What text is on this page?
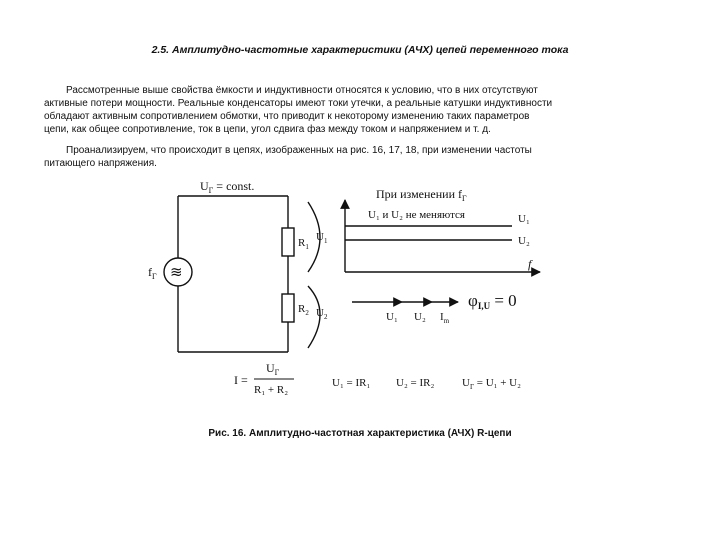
2.5. Амплитудно-частотные характеристики (АЧХ) цепей переменного тока
Рассмотренные выше свойства ёмкости и индуктивности относятся к условию, что в них отсутствуют
активные потери мощности. Реальные конденсаторы имеют токи утечки, а реальные катушки индуктивности
обладают активным сопротивлением обмотки, что приводит к некоторому изменению таких параметров
цепи, как общее сопротивление, ток в цепи, угол сдвига фаз между током и напряжением и т. д.
Проанализируем, что происходит в цепях, изображенных на рис. 16, 17, 18, при изменении частоты
питающего напряжения.
$U_Г$ = const.
≋
$f_Г$
$R_1$
$R_2$
$U_1$
$U_2$
При изменении $f_Г$
U₁ и U₂ не меняются	U₁
U₂
f
U₁ U₂ $I_m$
φI,U = 0
I =
$U_Г$
R₁ + R₂
U₁ = IR₁ U₂ = IR₂	$U_Г = U_1 + U_2$
Рис. 16. Амплитудно-частотная характеристика (АЧХ) R-цепи
